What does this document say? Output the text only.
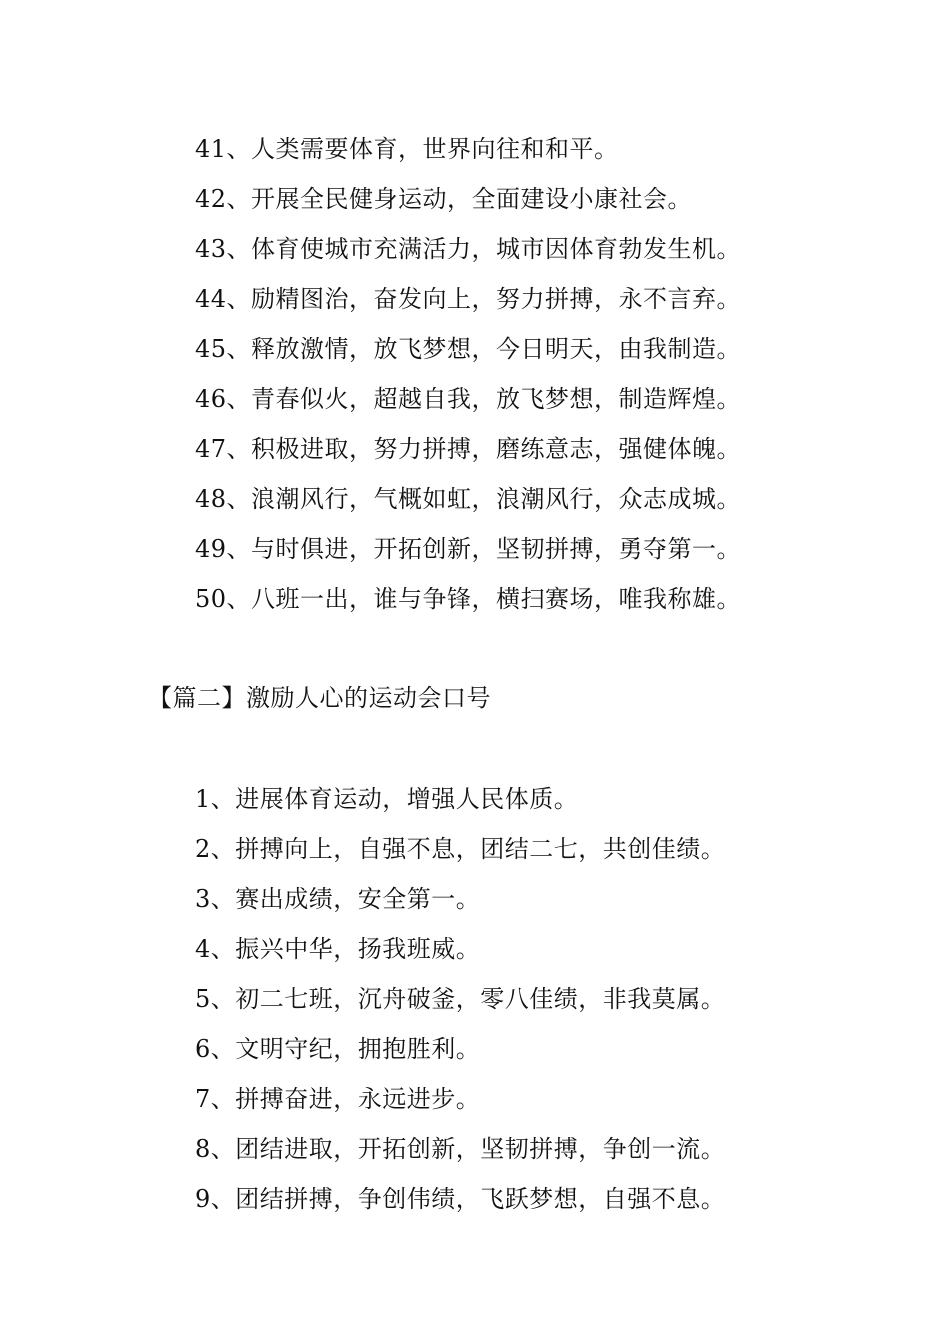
41、人类需要体育，世界向往和和平。
42、开展全民健身运动，全面建设小康社会。
43、体育使城市充满活力，城市因体育勃发生机。
44、励精图治，奋发向上，努力拼搏，永不言弃。
45、释放激情，放飞梦想，今日明天，由我制造。
46、青春似火，超越自我，放飞梦想，制造辉煌。
47、积极进取，努力拼搏，磨练意志，强健体魄。
48、浪潮风行，气概如虹，浪潮风行，众志成城。
49、与时俱进，开拓创新，坚韧拼搏，勇夺第一。
50、八班一出，谁与争锋，横扫赛场，唯我称雄。
【篇二】激励人心的运动会口号
1、进展体育运动，增强人民体质。
2、拼搏向上，自强不息，团结二七，共创佳绩。
3、赛出成绩，安全第一。
4、振兴中华，扬我班威。
5、初二七班，沉舟破釜，零八佳绩，非我莫属。
6、文明守纪，拥抱胜利。
7、拼搏奋进，永远进步。
8、团结进取，开拓创新，坚韧拼搏，争创一流。
9、团结拼搏，争创伟绩，飞跃梦想，自强不息。
